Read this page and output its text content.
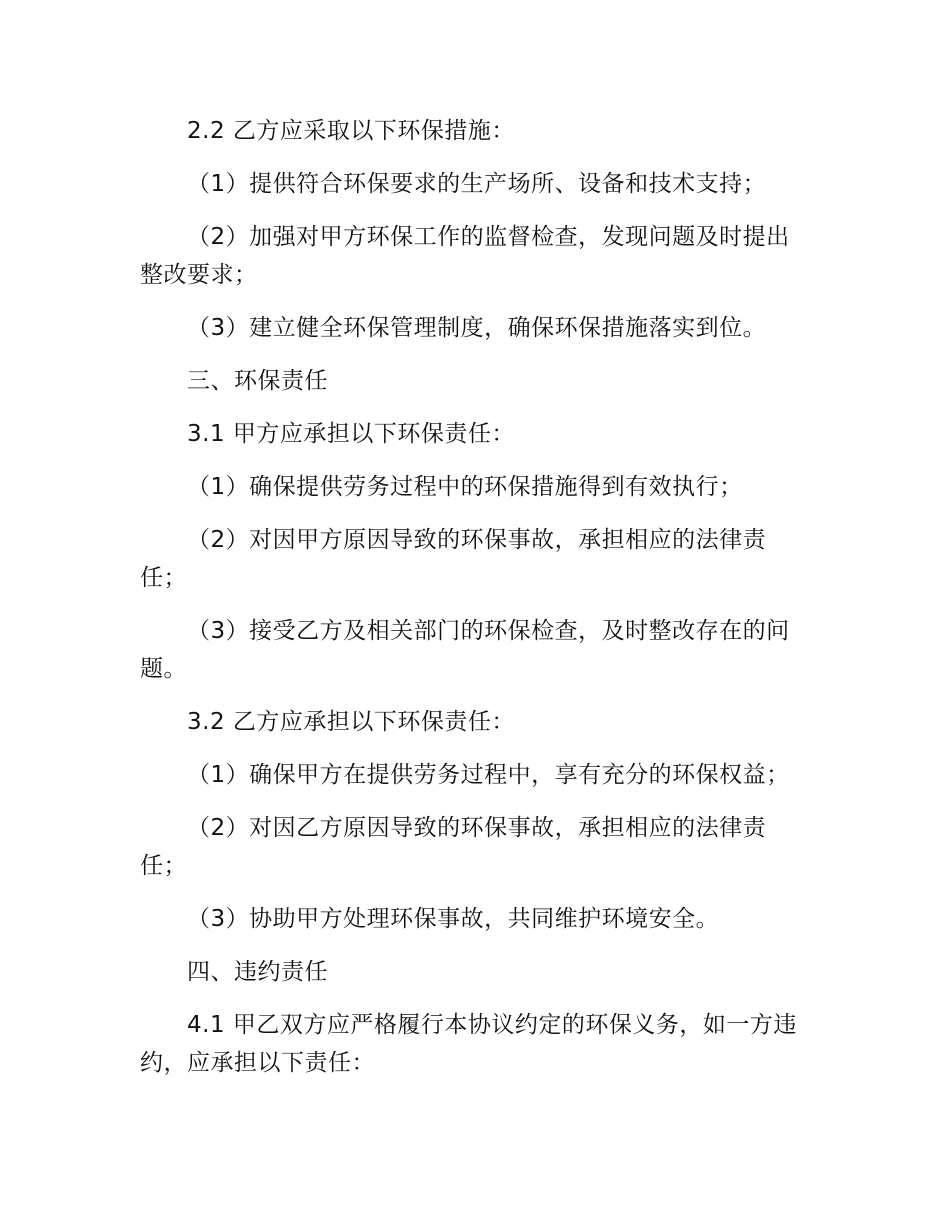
2.2 乙方应采取以下环保措施：

（1）提供符合环保要求的生产场所、设备和技术支持；

（2）加强对甲方环保工作的监督检查，发现问题及时提出整改要求；

（3）建立健全环保管理制度，确保环保措施落实到位。

三、环保责任

3.1 甲方应承担以下环保责任：

（1）确保提供劳务过程中的环保措施得到有效执行；

（2）对因甲方原因导致的环保事故，承担相应的法律责任；

（3）接受乙方及相关部门的环保检查，及时整改存在的问题。

3.2 乙方应承担以下环保责任：

（1）确保甲方在提供劳务过程中，享有充分的环保权益；

（2）对因乙方原因导致的环保事故，承担相应的法律责任；

（3）协助甲方处理环保事故，共同维护环境安全。

四、违约责任

4.1 甲乙双方应严格履行本协议约定的环保义务，如一方违约，应承担以下责任：
